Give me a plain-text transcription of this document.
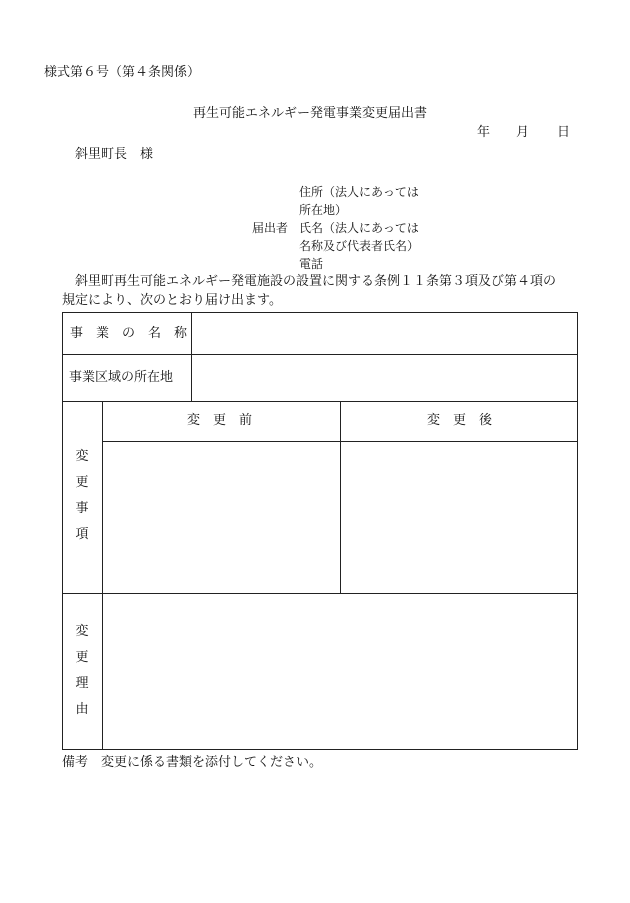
様式第６号（第４条関係）
再生可能エネルギー発電事業変更届出書
年 月 日
斜里町長　様
住所（法人にあっては
所在地）
届出者 氏名（法人にあっては
名称及び代表者氏名）
電話
斜里町再生可能エネルギー発電施設の設置に関する条例１１条第３項及び第４項の
規定により、次のとおり届け出ます。
事　業　の　名　称
事業区域の所在地
変
更
事
項
変　更　前	変　更　後
変
更
理
由
備考　変更に係る書類を添付してください。
